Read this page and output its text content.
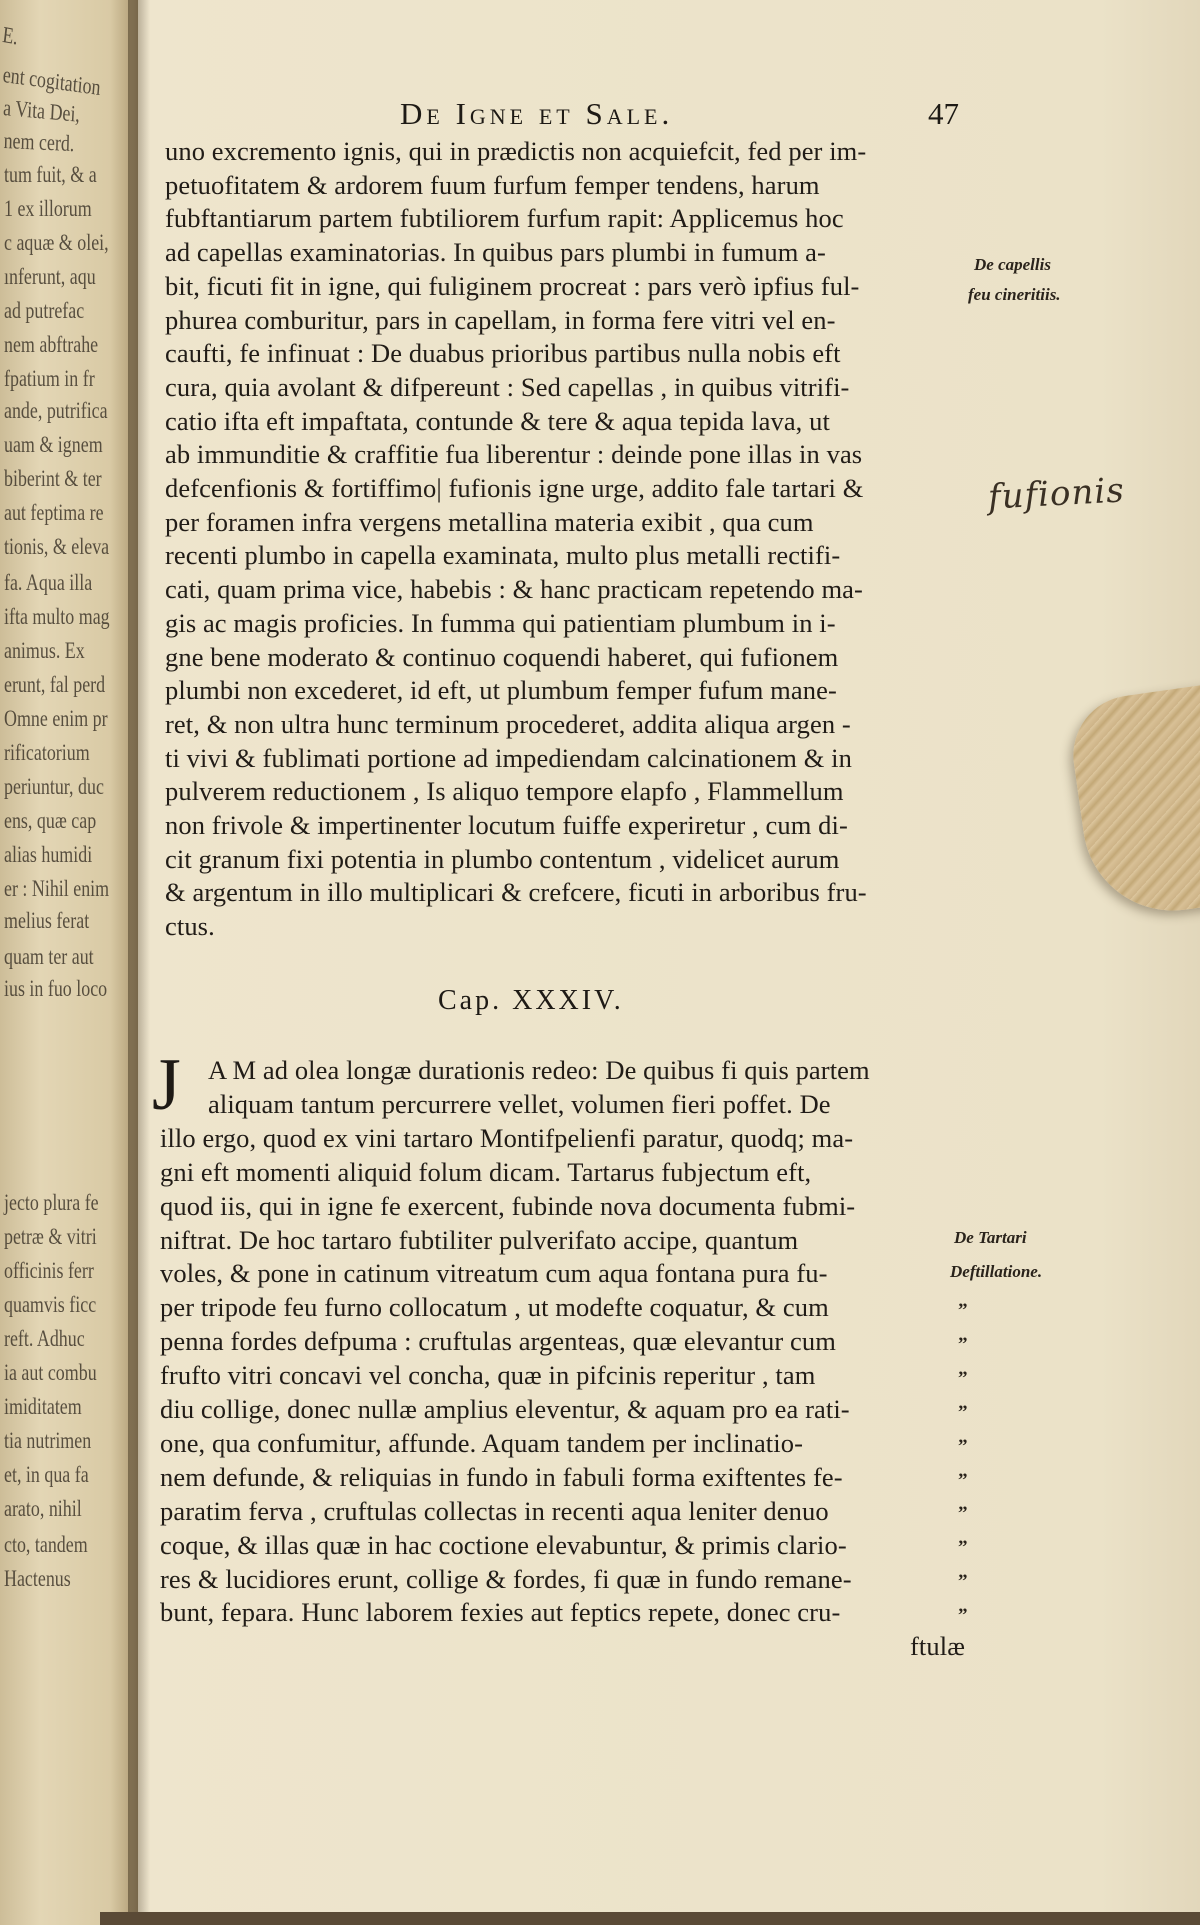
E.
ent cogitation
a Vita Dei,
nem cerd.
tum fuit, & a
1 ex illorum
c aquæ & olei,
ınferunt, aqu
ad putrefac
nem abftrahe
fpatium in fr
ande, putrifica
uam & ignem
biberint & ter
aut feptima re
tionis, & eleva
fa. Aqua illa
ifta multo mag
animus. Ex
erunt, fal perd
Omne enim pr
rificatorium
periuntur, duc
ens, quæ cap
alias humidi
er : Nihil enim
melius ferat
quam ter aut
ius in fuo loco
jecto plura fe
petræ & vitri
officinis ferr
quamvis ficc
reft. Adhuc
ia aut combu
imiditatem
tia nutrimen
et, in qua fa
arato, nihil
cto, tandem
Hactenus
De Igne et Sale.	47
uno excremento ignis, qui in prædictis non acquiefcit, fed per im-
petuofitatem & ardorem fuum furfum femper tendens, harum
fubftantiarum partem fubtiliorem furfum rapit: Applicemus hoc
ad capellas examinatorias. In quibus pars plumbi in fumum a-
bit, ficuti fit in igne, qui fuliginem procreat : pars verò ipfius ful-
phurea comburitur, pars in capellam, in forma fere vitri vel en-
caufti, fe infinuat : De duabus prioribus partibus nulla nobis eft
cura, quia avolant & difpereunt : Sed capellas , in quibus vitrifi-
catio ifta eft impaftata, contunde & tere & aqua tepida lava, ut
ab immunditie & craffitie fua liberentur : deinde pone illas in vas
defcenfionis & fortiffimo| fufionis igne urge, addito fale tartari &
per foramen infra vergens metallina materia exibit , qua cum
recenti plumbo in capella examinata, multo plus metalli rectifi-
cati, quam prima vice, habebis : & hanc practicam repetendo ma-
gis ac magis proficies. In fumma qui patientiam plumbum in i-
gne bene moderato & continuo coquendi haberet, qui fufionem
plumbi non excederet, id eft, ut plumbum femper fufum mane-
ret, & non ultra hunc terminum procederet, addita aliqua argen -
ti vivi & fublimati portione ad impediendam calcinationem & in
pulverem reductionem , Is aliquo tempore elapfo , Flammellum
non frivole & impertinenter locutum fuiffe experiretur , cum di-
cit granum fixi potentia in plumbo contentum , videlicet aurum
& argentum in illo multiplicari & crefcere, ficuti in arboribus fru-
ctus.
Cap. XXXIV.
J A M ad olea longæ durationis redeo: De quibus fi quis partem
aliquam tantum percurrere vellet, volumen fieri poffet. De
illo ergo, quod ex vini tartaro Montifpelienfi paratur, quodq; ma-
gni eft momenti aliquid folum dicam. Tartarus fubjectum eft,
quod iis, qui in igne fe exercent, fubinde nova documenta fubmi-
niftrat. De hoc tartaro fubtiliter pulverifato accipe, quantum
voles, & pone in catinum vitreatum cum aqua fontana pura fu-
per tripode feu furno collocatum , ut modefte coquatur, & cum
penna fordes defpuma : cruftulas argenteas, quæ elevantur cum
frufto vitri concavi vel concha, quæ in pifcinis reperitur , tam
diu collige, donec nullæ amplius eleventur, & aquam pro ea rati-
one, qua confumitur, affunde. Aquam tandem per inclinatio-
nem defunde, & reliquias in fundo in fabuli forma exiftentes fe-
paratim ferva , cruftulas collectas in recenti aqua leniter denuo
coque, & illas quæ in hac coctione elevabuntur, & primis clario-
res & lucidiores erunt, collige & fordes, fi quæ in fundo remane-
bunt, fepara. Hunc laborem fexies aut feptics repete, donec cru-
ftulæ
De capellis
feu cineritiis.
fufionis
De Tartari
Deftillatione.
”
”
”
”
”
”
”
”
”
”
